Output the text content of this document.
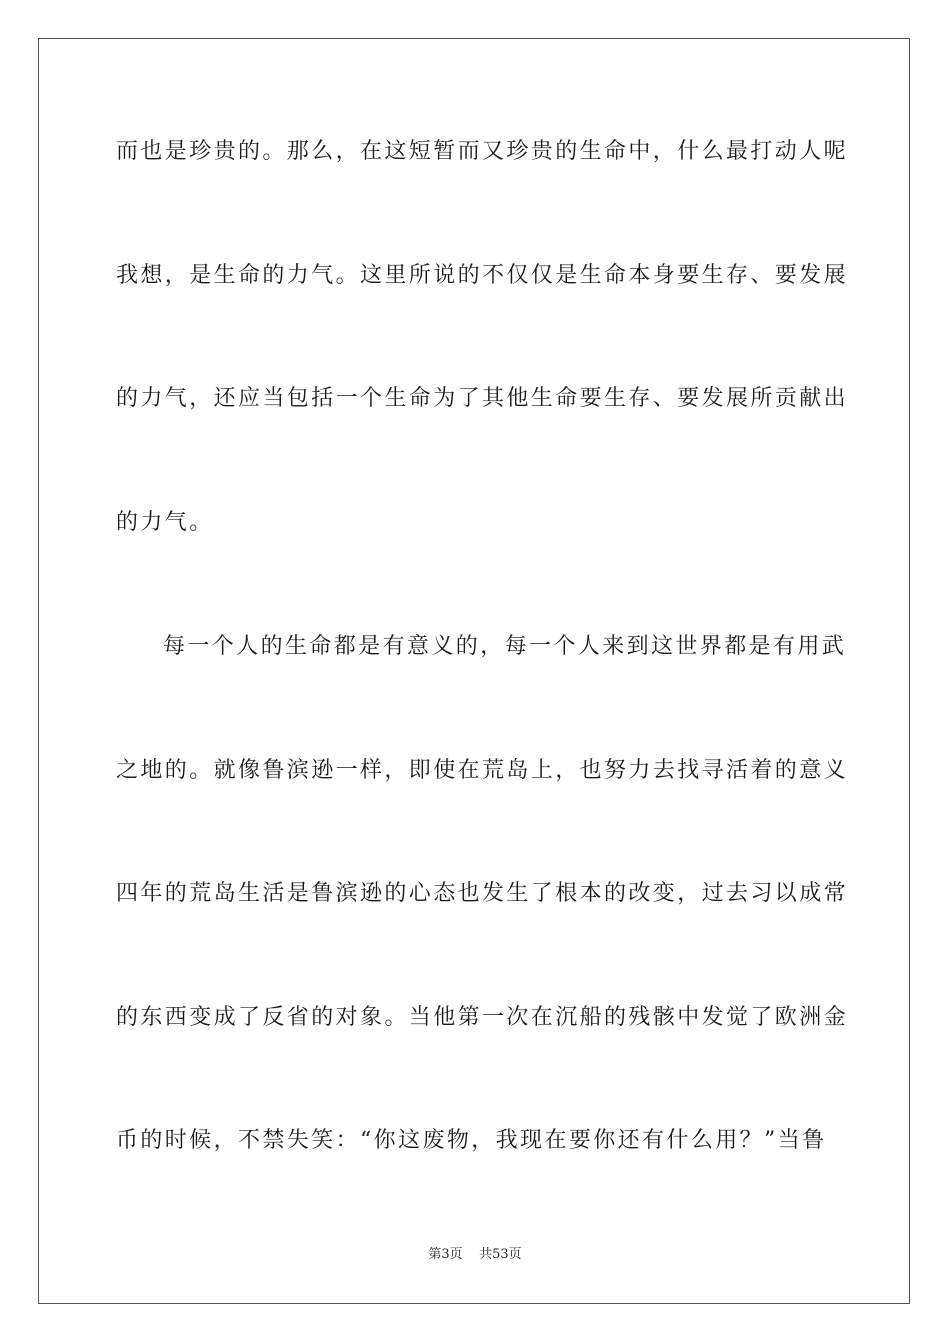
而也是珍贵的。那么，在这短暂而又珍贵的生命中，什么最打动人呢
我想，是生命的力气。这里所说的不仅仅是生命本身要生存、要发展
的力气，还应当包括一个生命为了其他生命要生存、要发展所贡献出
的力气。
每一个人的生命都是有意义的，每一个人来到这世界都是有用武
之地的。就像鲁滨逊一样，即使在荒岛上，也努力去找寻活着的意义
四年的荒岛生活是鲁滨逊的心态也发生了根本的改变，过去习以成常
的东西变成了反省的对象。当他第一次在沉船的残骸中发觉了欧洲金
币的时候，不禁失笑：“你这废物，我现在要你还有什么用？”当鲁
第3页 共53页
